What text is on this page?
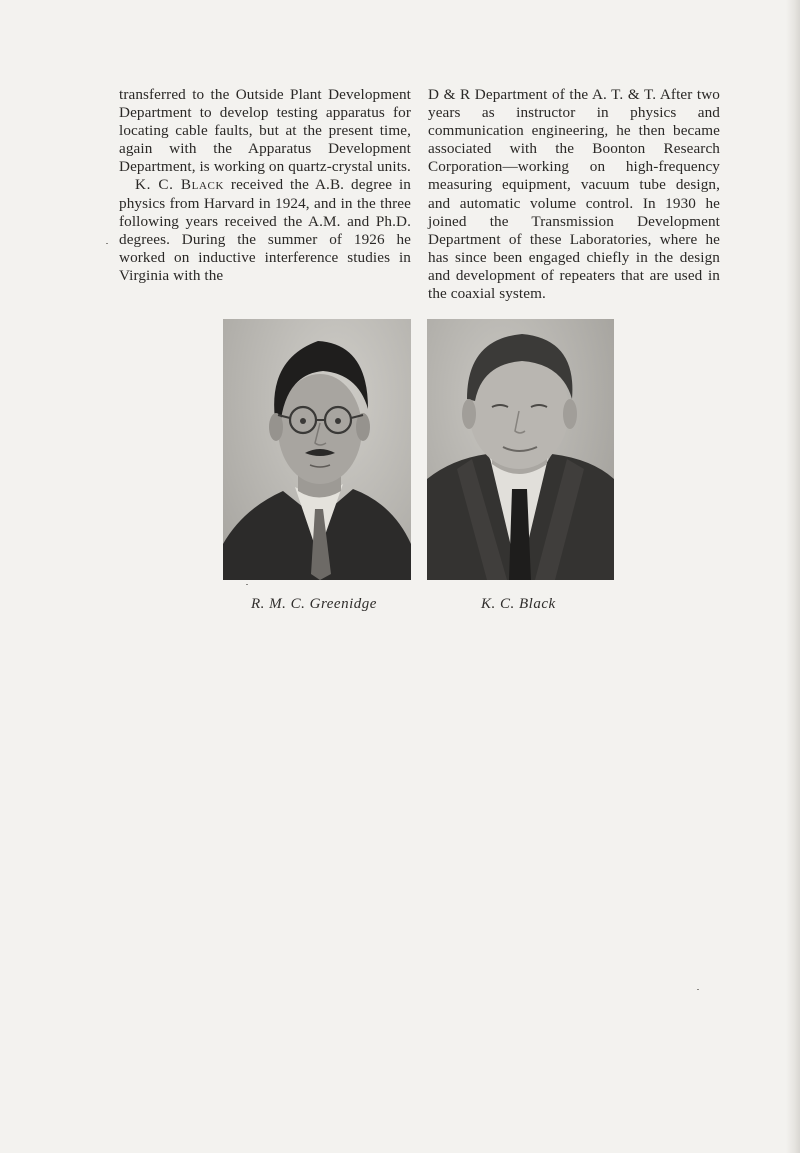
transferred to the Outside Plant Development Department to develop testing apparatus for locating cable faults, but at the present time, again with the Apparatus Development Department, is working on quartz-crystal units.

K. C. Black received the A.B. degree in physics from Harvard in 1924, and in the three following years received the A.M. and Ph.D. degrees. During the summer of 1926 he worked on inductive interference studies in Virginia with the

D & R Department of the A. T. & T. After two years as instructor in physics and communication engineering, he then became associated with the Boonton Research Corporation—working on high-frequency measuring equipment, vacuum tube design, and automatic volume control. In 1930 he joined the Transmission Development Department of these Laboratories, where he has since been engaged chiefly in the design and development of repeaters that are used in the coaxial system.

R. M. C. Greenidge	K. C. Black
